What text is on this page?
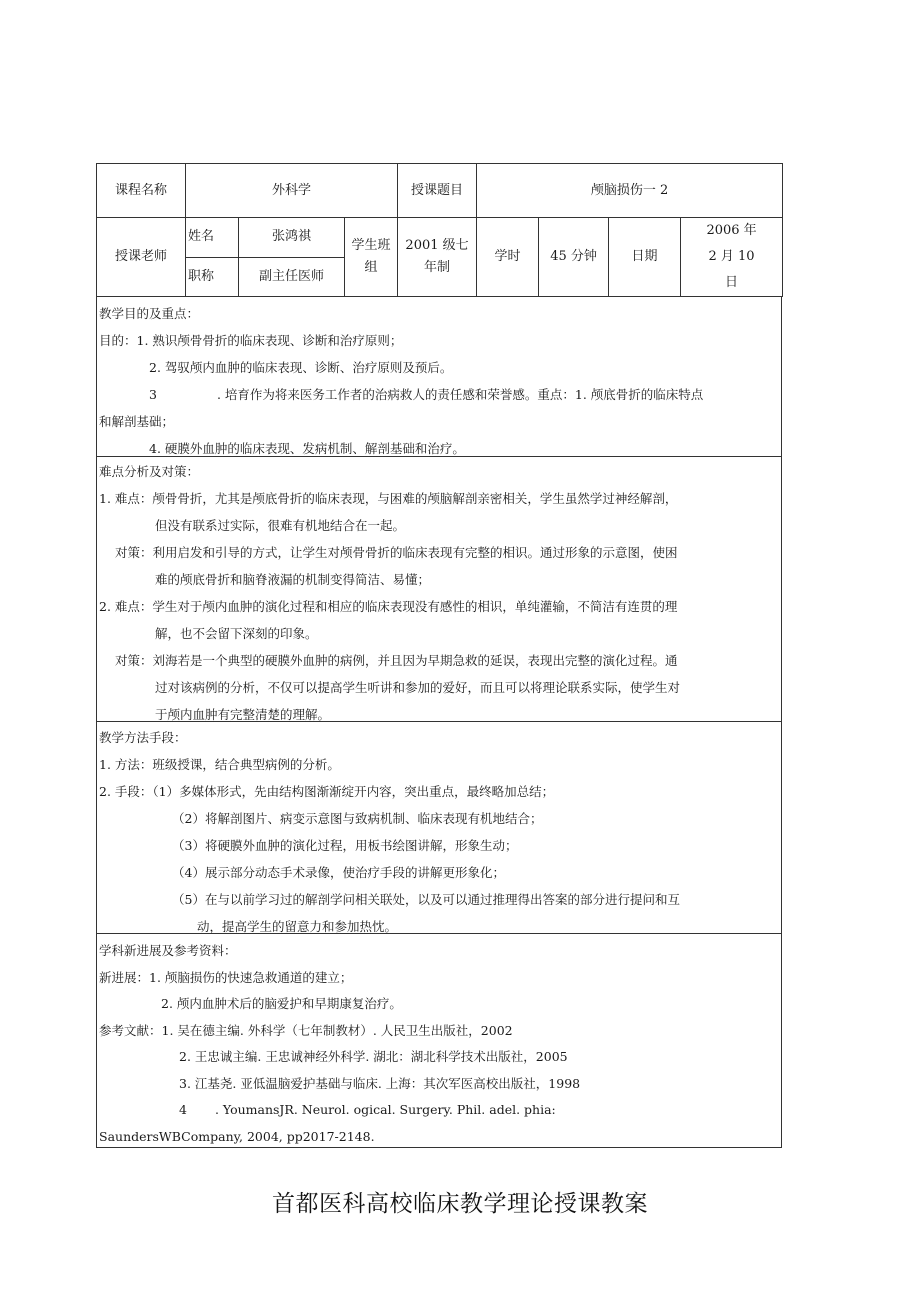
课程名称	外科学			授课题目	颅脑损伤一 2			
授课老师	姓名	张鸿祺	学生班组	2001 级七年制	学时	45 分钟	日期	2006 年 2 月 10 日
	职称	副主任医师						
教学目的及重点：
目的：1. 熟识颅骨骨折的临床表现、诊断和治疗原则；
2. 驾驭颅内血肿的临床表现、诊断、治疗原则及预后。
3	. 培育作为将来医务工作者的治病救人的责任感和荣誉感。重点：1. 颅底骨折的临床特点
和解剖基础；
4. 硬膜外血肿的临床表现、发病机制、解剖基础和治疗。
难点分析及对策：
1. 难点：颅骨骨折，尤其是颅底骨折的临床表现，与困难的颅脑解剖亲密相关，学生虽然学过神经解剖，
但没有联系过实际，很难有机地结合在一起。
对策：利用启发和引导的方式，让学生对颅骨骨折的临床表现有完整的相识。通过形象的示意图，使困
难的颅底骨折和脑脊液漏的机制变得简洁、易懂；
2. 难点：学生对于颅内血肿的演化过程和相应的临床表现没有感性的相识，单纯灌输，不简洁有连贯的理
解，也不会留下深刻的印象。
对策：刘海若是一个典型的硬膜外血肿的病例，并且因为早期急救的延误，表现出完整的演化过程。通
过对该病例的分析，不仅可以提高学生听讲和参加的爱好，而且可以将理论联系实际，使学生对
于颅内血肿有完整清楚的理解。
教学方法手段：
1. 方法：班级授课，结合典型病例的分析。
2. 手段：（1）多媒体形式，先由结构图渐渐绽开内容，突出重点，最终略加总结；
（2）将解剖图片、病变示意图与致病机制、临床表现有机地结合；
（3）将硬膜外血肿的演化过程，用板书绘图讲解，形象生动；
（4）展示部分动态手术录像，使治疗手段的讲解更形象化；
（5）在与以前学习过的解剖学问相关联处，以及可以通过推理得出答案的部分进行提问和互
动，提高学生的留意力和参加热忱。
学科新进展及参考资料：
新进展：1. 颅脑损伤的快速急救通道的建立；
2. 颅内血肿术后的脑爱护和早期康复治疗。
参考文献：1. 吴在德主编. 外科学（七年制教材）. 人民卫生出版社，2002
2. 王忠诚主编. 王忠诚神经外科学. 湖北：湖北科学技术出版社，2005
3. 江基尧. 亚低温脑爱护基础与临床. 上海：其次军医高校出版社，1998
4 . YoumansJR. Neurol. ogical. Surgery. Phil. adel. phia:
SaundersWBCompany, 2004, pp2017-2148.
首都医科高校临床教学理论授课教案
